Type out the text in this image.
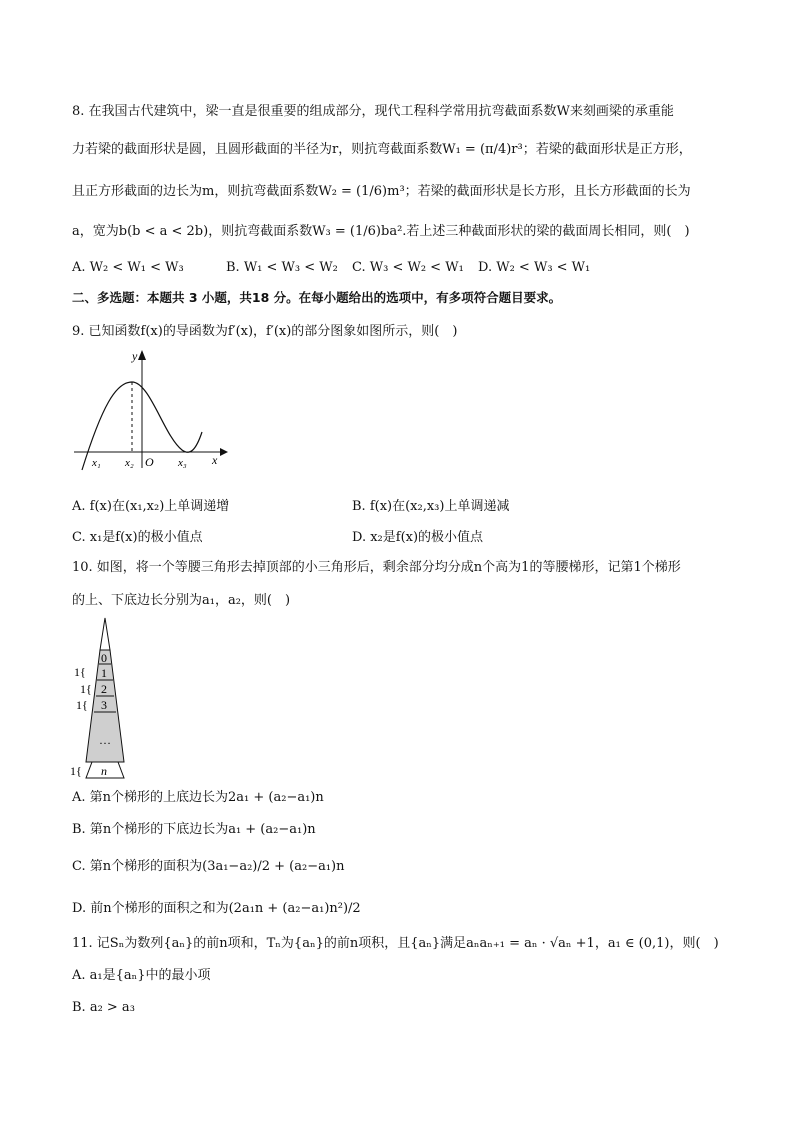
8. 在我国古代建筑中，梁一直是很重要的组成部分，现代工程科学常用抗弯截面系数W来刻画梁的承重能
力若梁的截面形状是圆，且圆形截面的半径为r，则抗弯截面系数W₁ = (π/4)r³；若梁的截面形状是正方形，
且正方形截面的边长为m，则抗弯截面系数W₂ = (1/6)m³；若梁的截面形状是长方形，且长方形截面的长为
a，宽为b(b < a < 2b)，则抗弯截面系数W₃ = (1/6)ba².若上述三种截面形状的梁的截面周长相同，则(　)
A. W₂ < W₁ < W₃	B. W₁ < W₃ < W₂ C. W₃ < W₂ < W₁ D. W₂ < W₃ < W₁
二、多选题：本题共 3 小题，共18 分。在每小题给出的选项中，有多项符合题目要求。
9. 已知函数f(x)的导函数为f′(x)，f′(x)的部分图象如图所示，则(　)
y
x
O
x₁ x₂	x₃
A. f(x)在(x₁,x₂)上单调递增	B. f(x)在(x₂,x₃)上单调递减
C. x₁是f(x)的极小值点	D. x₂是f(x)的极小值点
10. 如图，将一个等腰三角形去掉顶部的小三角形后，剩余部分均分成n个高为1的等腰梯形，记第1个梯形
的上、下底边长分别为a₁，a₂，则(　)
0
1
2
3
…
n
1{
1{
1{
1{
A. 第n个梯形的上底边长为2a₁ + (a₂−a₁)n
B. 第n个梯形的下底边长为a₁ + (a₂−a₁)n
C. 第n个梯形的面积为(3a₁−a₂)/2 + (a₂−a₁)n
D. 前n个梯形的面积之和为(2a₁n + (a₂−a₁)n²)/2
11. 记Sₙ为数列{aₙ}的前n项和，Tₙ为{aₙ}的前n项积，且{aₙ}满足aₙaₙ₊₁ = aₙ · √aₙ +1，a₁ ∈ (0,1)，则(　)
A. a₁是{aₙ}中的最小项
B. a₂ > a₃
